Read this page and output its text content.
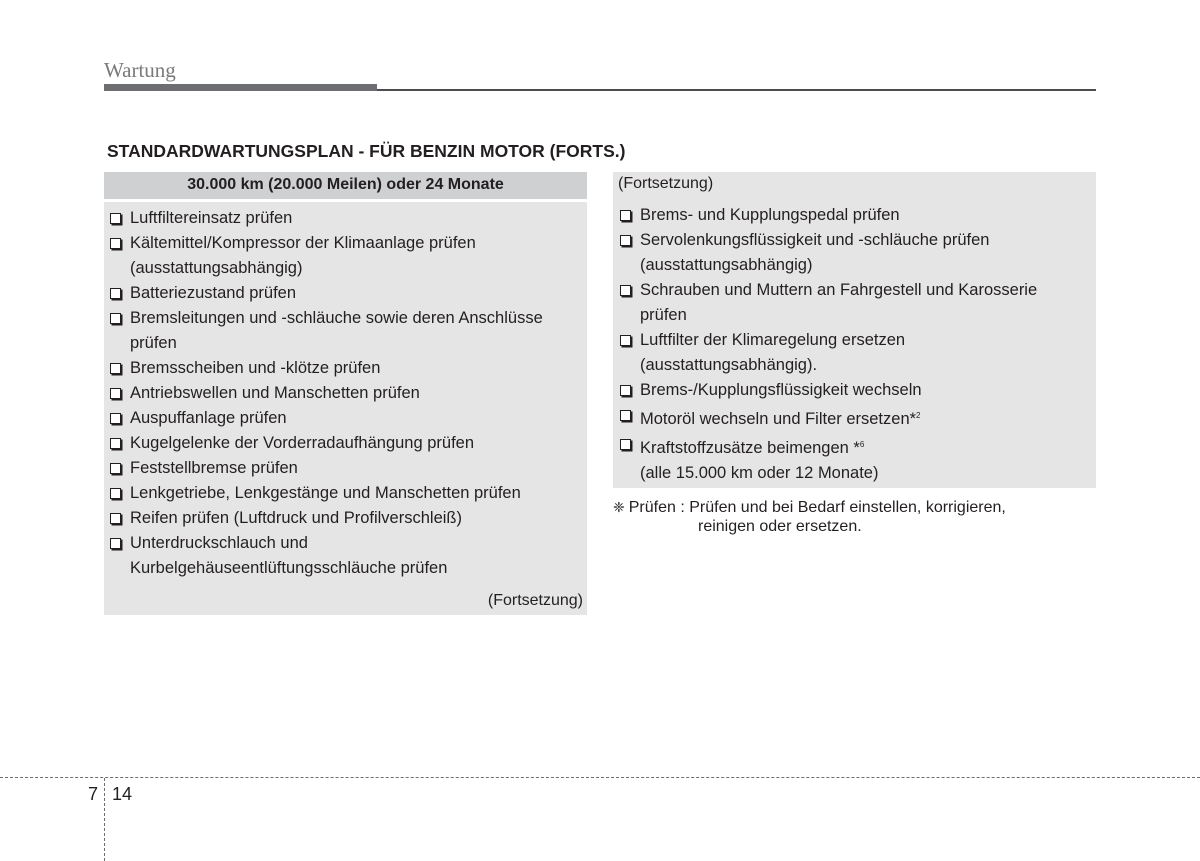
Wartung
STANDARDWARTUNGSPLAN - FÜR BENZIN MOTOR (FORTS.)
30.000 km (20.000 Meilen) oder 24 Monate
Luftfiltereinsatz prüfen
Kältemittel/Kompressor der Klimaanlage prüfen
(ausstattungsabhängig)
Batteriezustand prüfen
Bremsleitungen und -schläuche sowie deren Anschlüsse
prüfen
Bremsscheiben und -klötze prüfen
Antriebswellen und Manschetten prüfen
Auspuffanlage prüfen
Kugelgelenke der Vorderradaufhängung prüfen
Feststellbremse prüfen
Lenkgetriebe, Lenkgestänge und Manschetten prüfen
Reifen prüfen (Luftdruck und Profilverschleiß)
Unterdruckschlauch und
Kurbelgehäuseentlüftungsschläuche prüfen
(Fortsetzung)
(Fortsetzung)
Brems- und Kupplungspedal prüfen
Servolenkungsflüssigkeit und -schläuche prüfen
(ausstattungsabhängig)
Schrauben und Muttern an Fahrgestell und Karosserie
prüfen
Luftfilter der Klimaregelung ersetzen
(ausstattungsabhängig).
Brems-/Kupplungsflüssigkeit wechseln
Motoröl wechseln und Filter ersetzen*$^2$
Kraftstoffzusätze beimengen *$^6$
(alle 15.000 km oder 12 Monate)
❈ Prüfen : Prüfen und bei Bedarf einstellen, korrigieren,
reinigen oder ersetzen.
7 14
